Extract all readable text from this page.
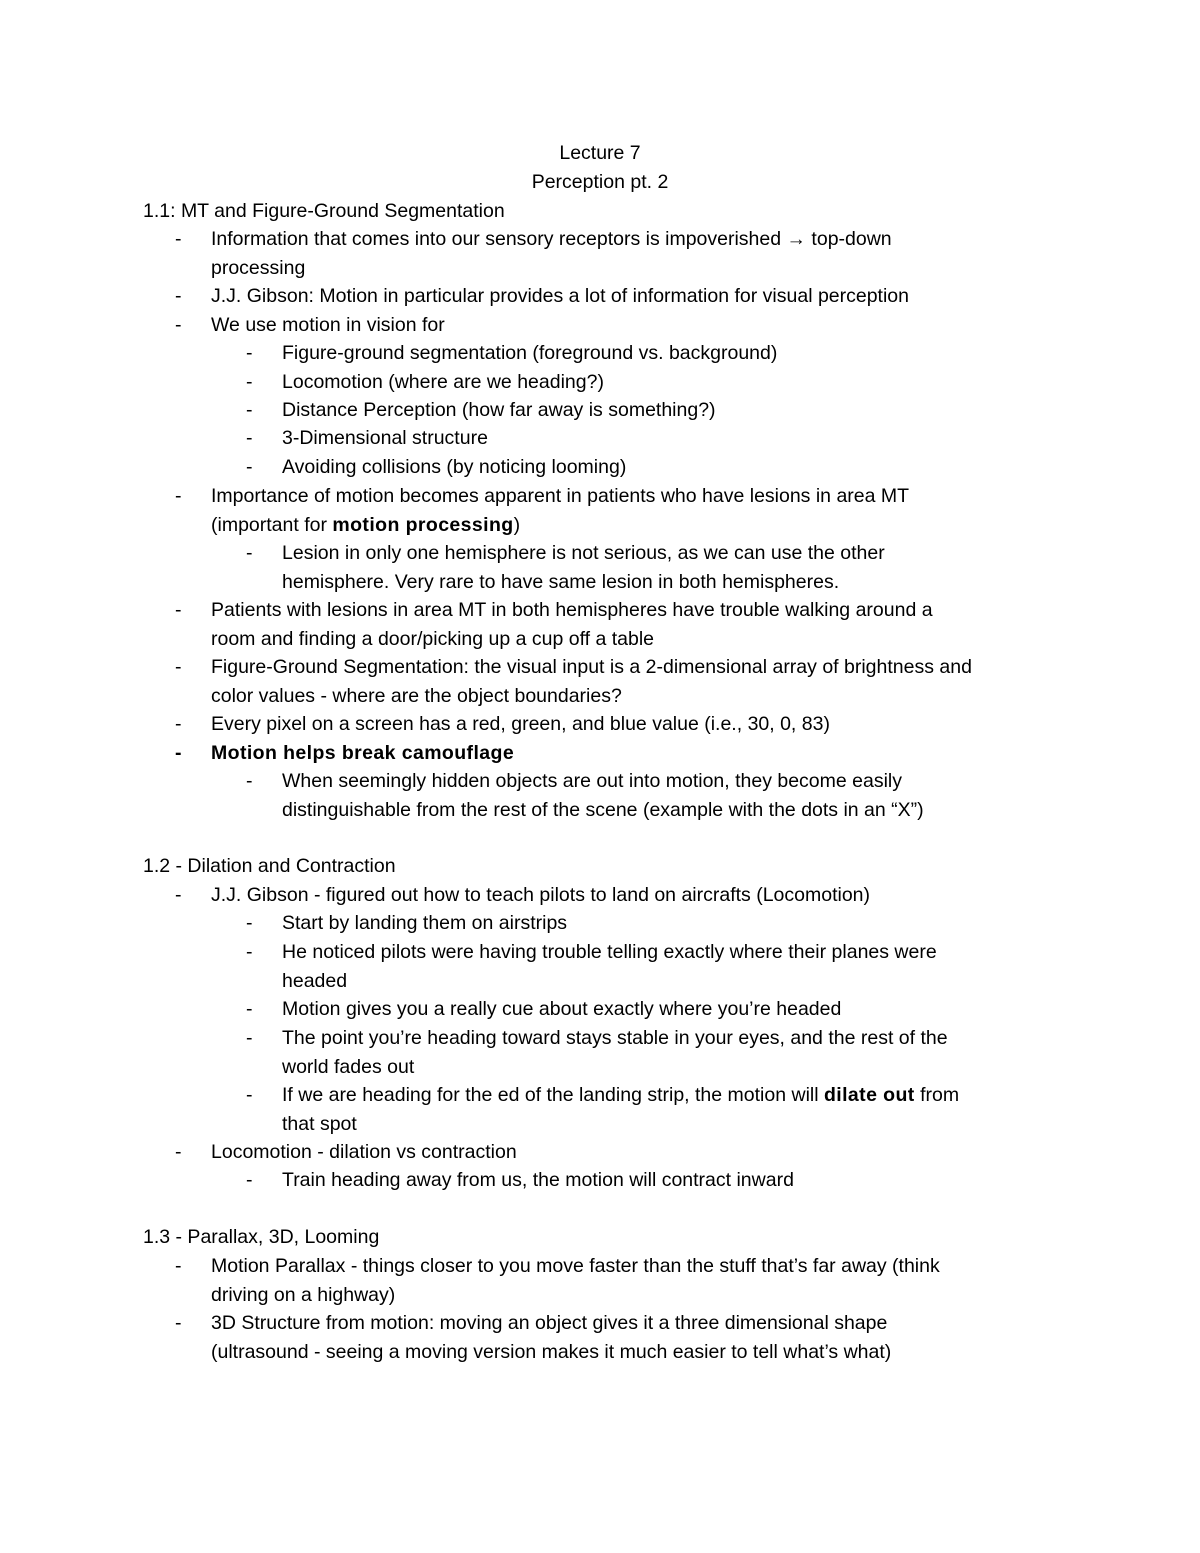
Lecture 7
Perception pt. 2
1.1: MT and Figure-Ground Segmentation
- Information that comes into our sensory receptors is impoverished → top-down
processing
- J.J. Gibson: Motion in particular provides a lot of information for visual perception
- We use motion in vision for
- Figure-ground segmentation (foreground vs. background)
- Locomotion (where are we heading?)
- Distance Perception (how far away is something?)
- 3-Dimensional structure
- Avoiding collisions (by noticing looming)
- Importance of motion becomes apparent in patients who have lesions in area MT
(important for motion processing)
- Lesion in only one hemisphere is not serious, as we can use the other
hemisphere. Very rare to have same lesion in both hemispheres.
- Patients with lesions in area MT in both hemispheres have trouble walking around a
room and finding a door/picking up a cup off a table
- Figure-Ground Segmentation: the visual input is a 2-dimensional array of brightness and
color values - where are the object boundaries?
- Every pixel on a screen has a red, green, and blue value (i.e., 30, 0, 83)
- Motion helps break camouflage
- When seemingly hidden objects are out into motion, they become easily
distinguishable from the rest of the scene (example with the dots in an “X”)
1.2 - Dilation and Contraction
- J.J. Gibson - figured out how to teach pilots to land on aircrafts (Locomotion)
- Start by landing them on airstrips
- He noticed pilots were having trouble telling exactly where their planes were
headed
- Motion gives you a really cue about exactly where you’re headed
- The point you’re heading toward stays stable in your eyes, and the rest of the
world fades out
- If we are heading for the ed of the landing strip, the motion will dilate out from
that spot
- Locomotion - dilation vs contraction
- Train heading away from us, the motion will contract inward
1.3 - Parallax, 3D, Looming
- Motion Parallax - things closer to you move faster than the stuff that’s far away (think
driving on a highway)
- 3D Structure from motion: moving an object gives it a three dimensional shape
(ultrasound - seeing a moving version makes it much easier to tell what’s what)
